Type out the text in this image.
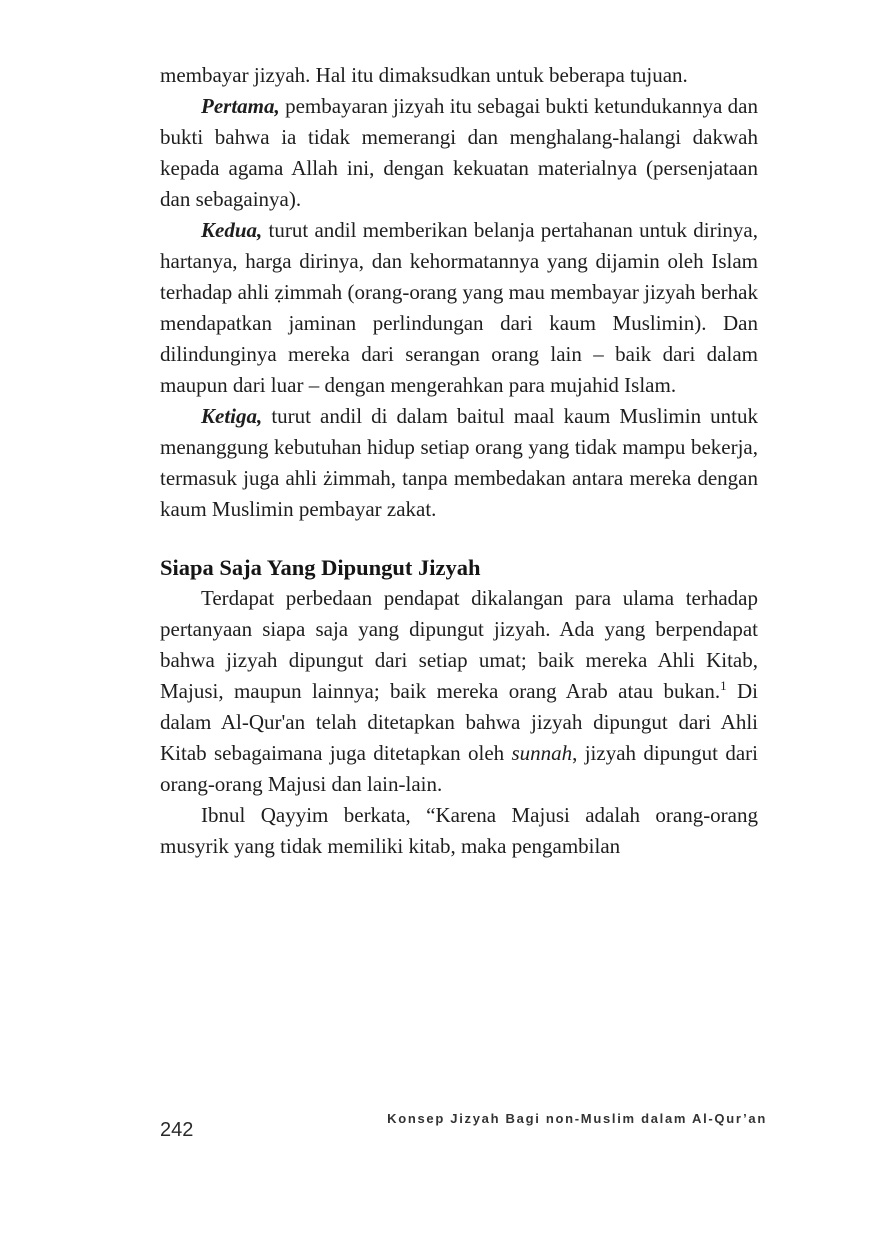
membayar jizyah. Hal itu dimaksudkan untuk beberapa tujuan.

Pertama, pembayaran jizyah itu sebagai bukti ketundukannya dan bukti bahwa ia tidak memerangi dan menghalang-halangi dakwah kepada agama Allah ini, dengan kekuatan materialnya (persenjataan dan sebagainya).

Kedua, turut andil memberikan belanja pertahanan untuk dirinya, hartanya, harga dirinya, dan kehormatannya yang dijamin oleh Islam terhadap ahli ẓimmah (orang-orang yang mau membayar jizyah berhak mendapatkan jaminan perlindungan dari kaum Muslimin). Dan dilindunginya mereka dari serangan orang lain – baik dari dalam maupun dari luar – dengan mengerahkan para mujahid Islam.

Ketiga, turut andil di dalam baitul maal kaum Muslimin untuk menanggung kebutuhan hidup setiap orang yang tidak mampu bekerja, termasuk juga ahli żimmah, tanpa membedakan antara mereka dengan kaum Muslimin pembayar zakat.

Siapa Saja Yang Dipungut Jizyah

Terdapat perbedaan pendapat dikalangan para ulama terhadap pertanyaan siapa saja yang dipungut jizyah. Ada yang berpendapat bahwa jizyah dipungut dari setiap umat; baik mereka Ahli Kitab, Majusi, maupun lainnya; baik mereka orang Arab atau bukan.$^1$ Di dalam Al-Qur'an telah ditetapkan bahwa jizyah dipungut dari Ahli Kitab sebagaimana juga ditetapkan oleh sunnah, jizyah dipungut dari orang-orang Majusi dan lain-lain.

Ibnul Qayyim berkata, “Karena Majusi adalah orang-orang musyrik yang tidak memiliki kitab, maka pengambilan

242
Konsep Jizyah Bagi non-Muslim dalam Al-Qur’an
